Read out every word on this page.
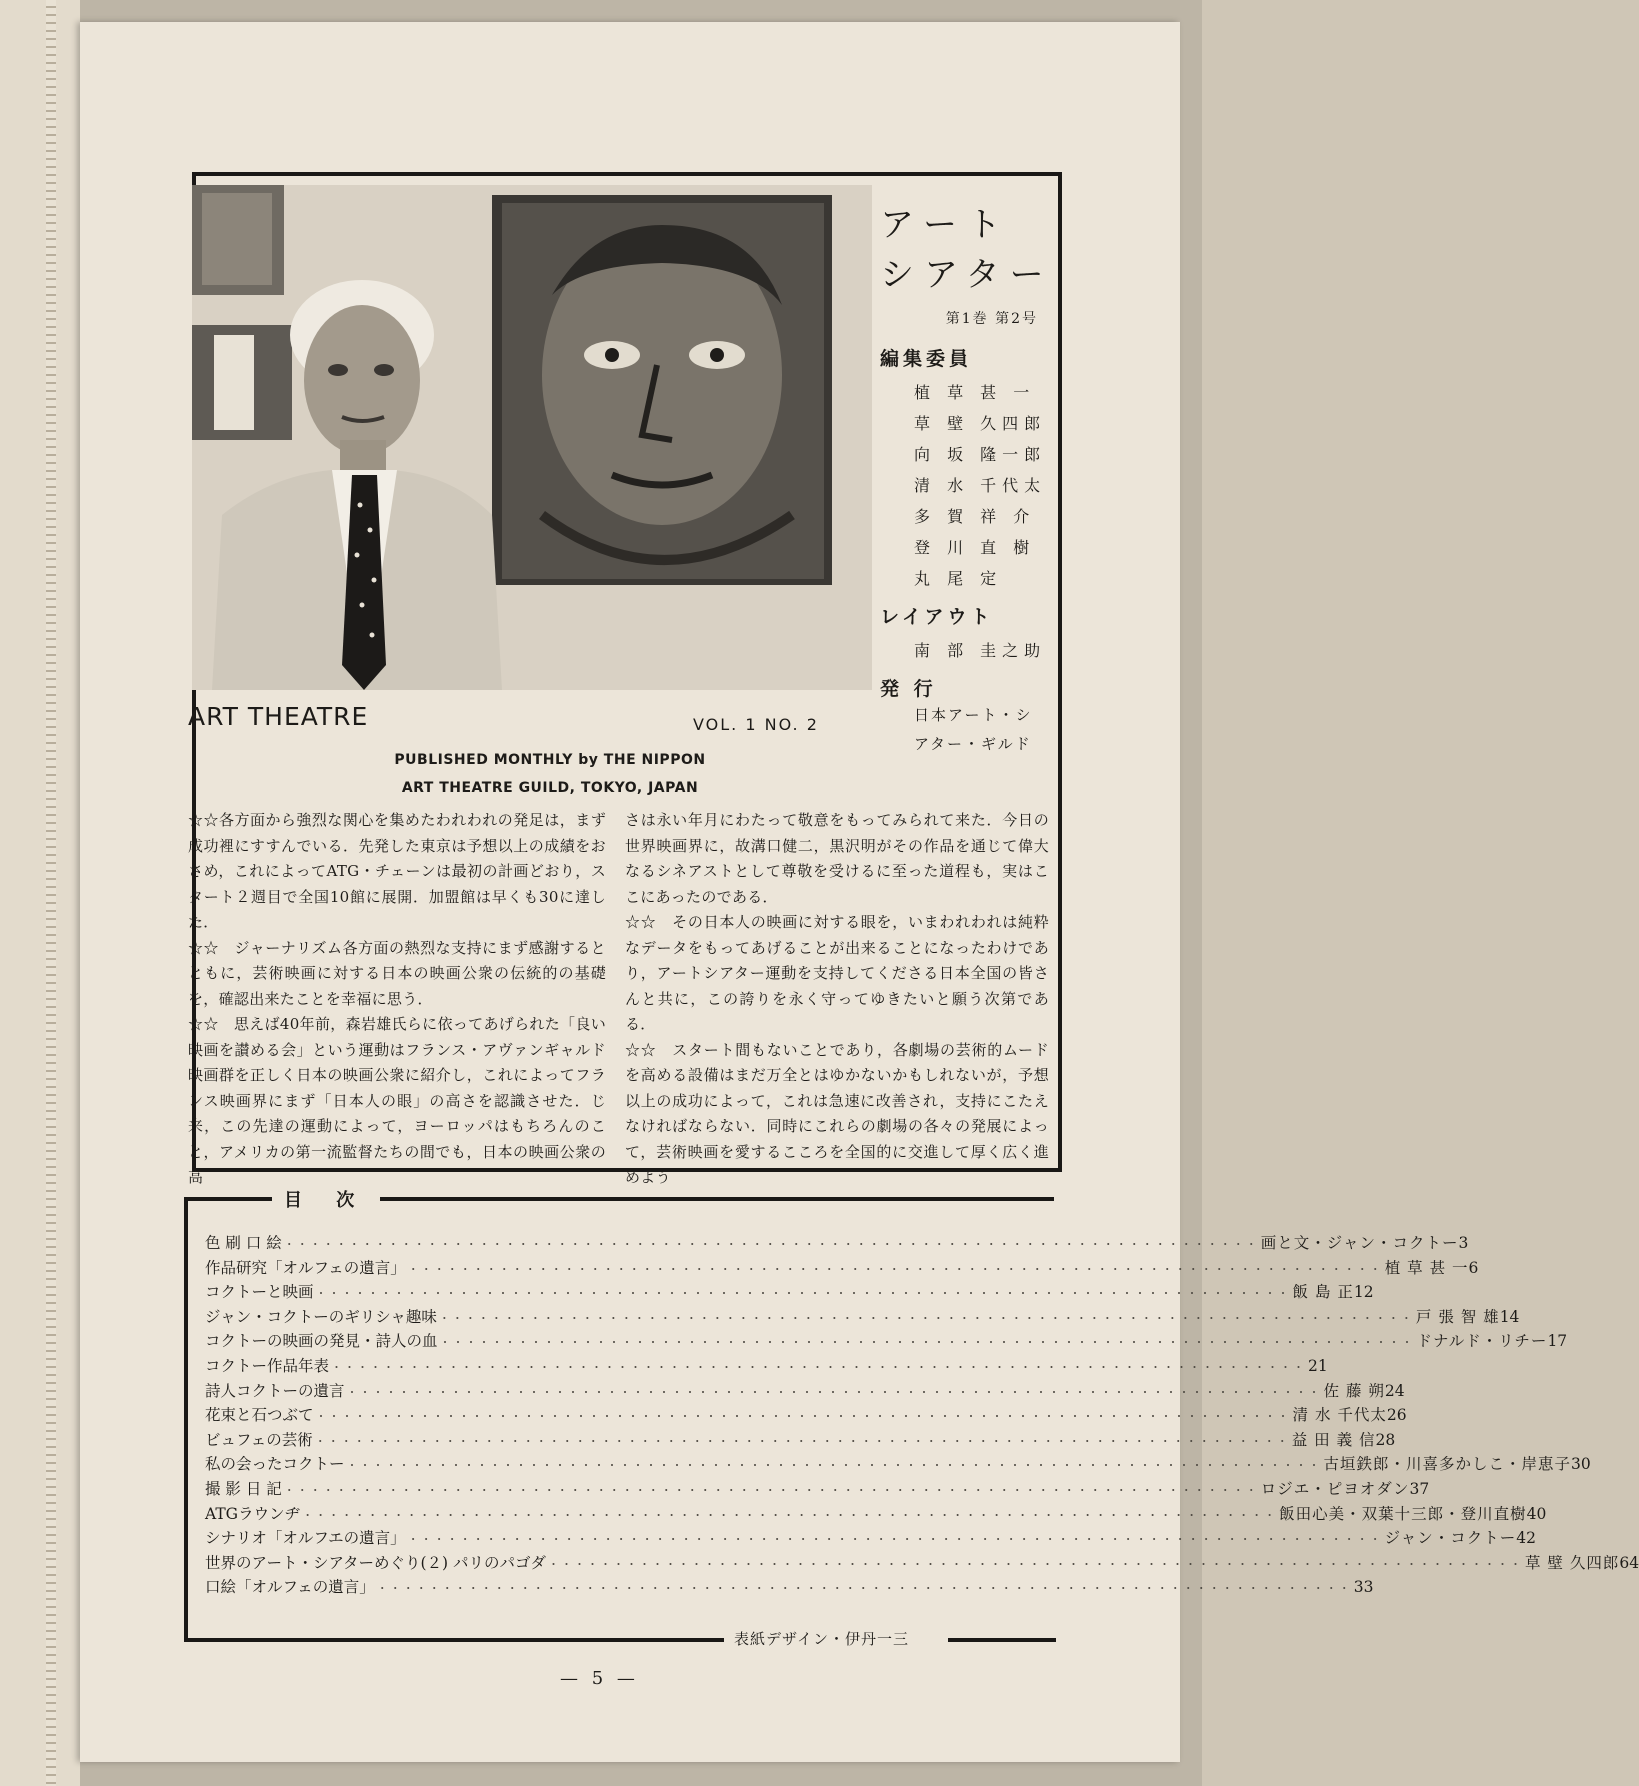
アート
シアター
第1巻 第2号
編集委員
植 草 甚 一
草 壁 久四郎
向 坂 隆一郎
清 水 千代太
多 賀 祥 介
登 川 直 樹
丸 尾 定
レイアウト
南 部 圭之助
発 行
日本アート・シ
アター・ギルド
ART THEATRE	VOL. 1 NO. 2
PUBLISHED MONTHLY by THE NIPPON
ART THEATRE GUILD, TOKYO, JAPAN

☆☆各方面から強烈な関心を集めたわれわれの発足は，まず成功裡にすすんでいる．先発した東京は予想以上の成績をおさめ，これによってATG・チェーンは最初の計画どおり，スタート２週目で全国10館に展開．加盟館は早くも30に達した．

☆☆　ジャーナリズム各方面の熱烈な支持にまず感謝するとともに，芸術映画に対する日本の映画公衆の伝統的の基礎を，確認出来たことを幸福に思う．

☆☆　思えば40年前，森岩雄氏らに依ってあげられた「良い映画を讃める会」という運動はフランス・アヴァンギャルド映画群を正しく日本の映画公衆に紹介し，これによってフランス映画界にまず「日本人の眼」の高さを認識させた．じ来，この先達の運動によって，ヨーロッパはもちろんのこと，アメリカの第一流監督たちの間でも，日本の映画公衆の高

さは永い年月にわたって敬意をもってみられて来た．今日の世界映画界に，故溝口健二，黒沢明がその作品を通じて偉大なるシネアストとして尊敬を受けるに至った道程も，実はここにあったのである．

☆☆　その日本人の映画に対する眼を，いまわれわれは純粋なデータをもってあげることが出来ることになったわけであり，アートシアター運動を支持してくださる日本全国の皆さんと共に，この誇りを永く守ってゆきたいと願う次第である．

☆☆　スタート間もないことであり，各劇場の芸術的ムードを高める設備はまだ万全とはゆかないかもしれないが，予想以上の成功によって，これは急速に改善され，支持にこたえなければならない．同時にこれらの劇場の各々の発展によって，芸術映画を愛するこころを全国的に交進して厚く広く進めよう

目 次
色 刷 口 絵 ・・・・・・・・・・・・・・・・・・・・・・・・・・・・・・・・・・・・・・・・・・・・・・・・・・・・・・・・・・・・・・・・・・・・・・・・・・・ 画と文・ジャン・コクトー 3
作品研究「オルフェの遺言」 ・・・・・・・・・・・・・・・・・・・・・・・・・・・・・・・・・・・・・・・・・・・・・・・・・・・・・・・・・・・・・・・・・・・・・・・・・・・ 植 草 甚 一 6
コクトーと映画 ・・・・・・・・・・・・・・・・・・・・・・・・・・・・・・・・・・・・・・・・・・・・・・・・・・・・・・・・・・・・・・・・・・・・・・・・・・・ 飯 島 正 12
ジャン・コクトーのギリシャ趣味 ・・・・・・・・・・・・・・・・・・・・・・・・・・・・・・・・・・・・・・・・・・・・・・・・・・・・・・・・・・・・・・・・・・・・・・・・・・・ 戸 張 智 雄 14
コクトーの映画の発見・詩人の血 ・・・・・・・・・・・・・・・・・・・・・・・・・・・・・・・・・・・・・・・・・・・・・・・・・・・・・・・・・・・・・・・・・・・・・・・・・・・ ドナルド・リチー 17
コクトー作品年表 ・・・・・・・・・・・・・・・・・・・・・・・・・・・・・・・・・・・・・・・・・・・・・・・・・・・・・・・・・・・・・・・・・・・・・・・・・・・ 21
詩人コクトーの遺言 ・・・・・・・・・・・・・・・・・・・・・・・・・・・・・・・・・・・・・・・・・・・・・・・・・・・・・・・・・・・・・・・・・・・・・・・・・・・ 佐 藤 朔 24
花束と石つぶて ・・・・・・・・・・・・・・・・・・・・・・・・・・・・・・・・・・・・・・・・・・・・・・・・・・・・・・・・・・・・・・・・・・・・・・・・・・・ 清 水 千代太 26
ビュフェの芸術 ・・・・・・・・・・・・・・・・・・・・・・・・・・・・・・・・・・・・・・・・・・・・・・・・・・・・・・・・・・・・・・・・・・・・・・・・・・・ 益 田 義 信 28
私の会ったコクトー ・・・・・・・・・・・・・・・・・・・・・・・・・・・・・・・・・・・・・・・・・・・・・・・・・・・・・・・・・・・・・・・・・・・・・・・・・・・ 古垣鉄郎・川喜多かしこ・岸恵子 30
撮 影 日 記 ・・・・・・・・・・・・・・・・・・・・・・・・・・・・・・・・・・・・・・・・・・・・・・・・・・・・・・・・・・・・・・・・・・・・・・・・・・・ ロジエ・ピヨオダン 37
ATGラウンヂ ・・・・・・・・・・・・・・・・・・・・・・・・・・・・・・・・・・・・・・・・・・・・・・・・・・・・・・・・・・・・・・・・・・・・・・・・・・・ 飯田心美・双葉十三郎・登川直樹 40
シナリオ「オルフエの遺言」 ・・・・・・・・・・・・・・・・・・・・・・・・・・・・・・・・・・・・・・・・・・・・・・・・・・・・・・・・・・・・・・・・・・・・・・・・・・・ ジャン・コクトー 42
世界のアート・シアターめぐり(２) パリのパゴダ ・・・・・・・・・・・・・・・・・・・・・・・・・・・・・・・・・・・・・・・・・・・・・・・・・・・・・・・・・・・・・・・・・・・・・・・・・・・ 草 壁 久四郎 64
口絵「オルフェの遺言」 ・・・・・・・・・・・・・・・・・・・・・・・・・・・・・・・・・・・・・・・・・・・・・・・・・・・・・・・・・・・・・・・・・・・・・・・・・・・ 33
表紙デザイン・伊丹一三
— 5 —
